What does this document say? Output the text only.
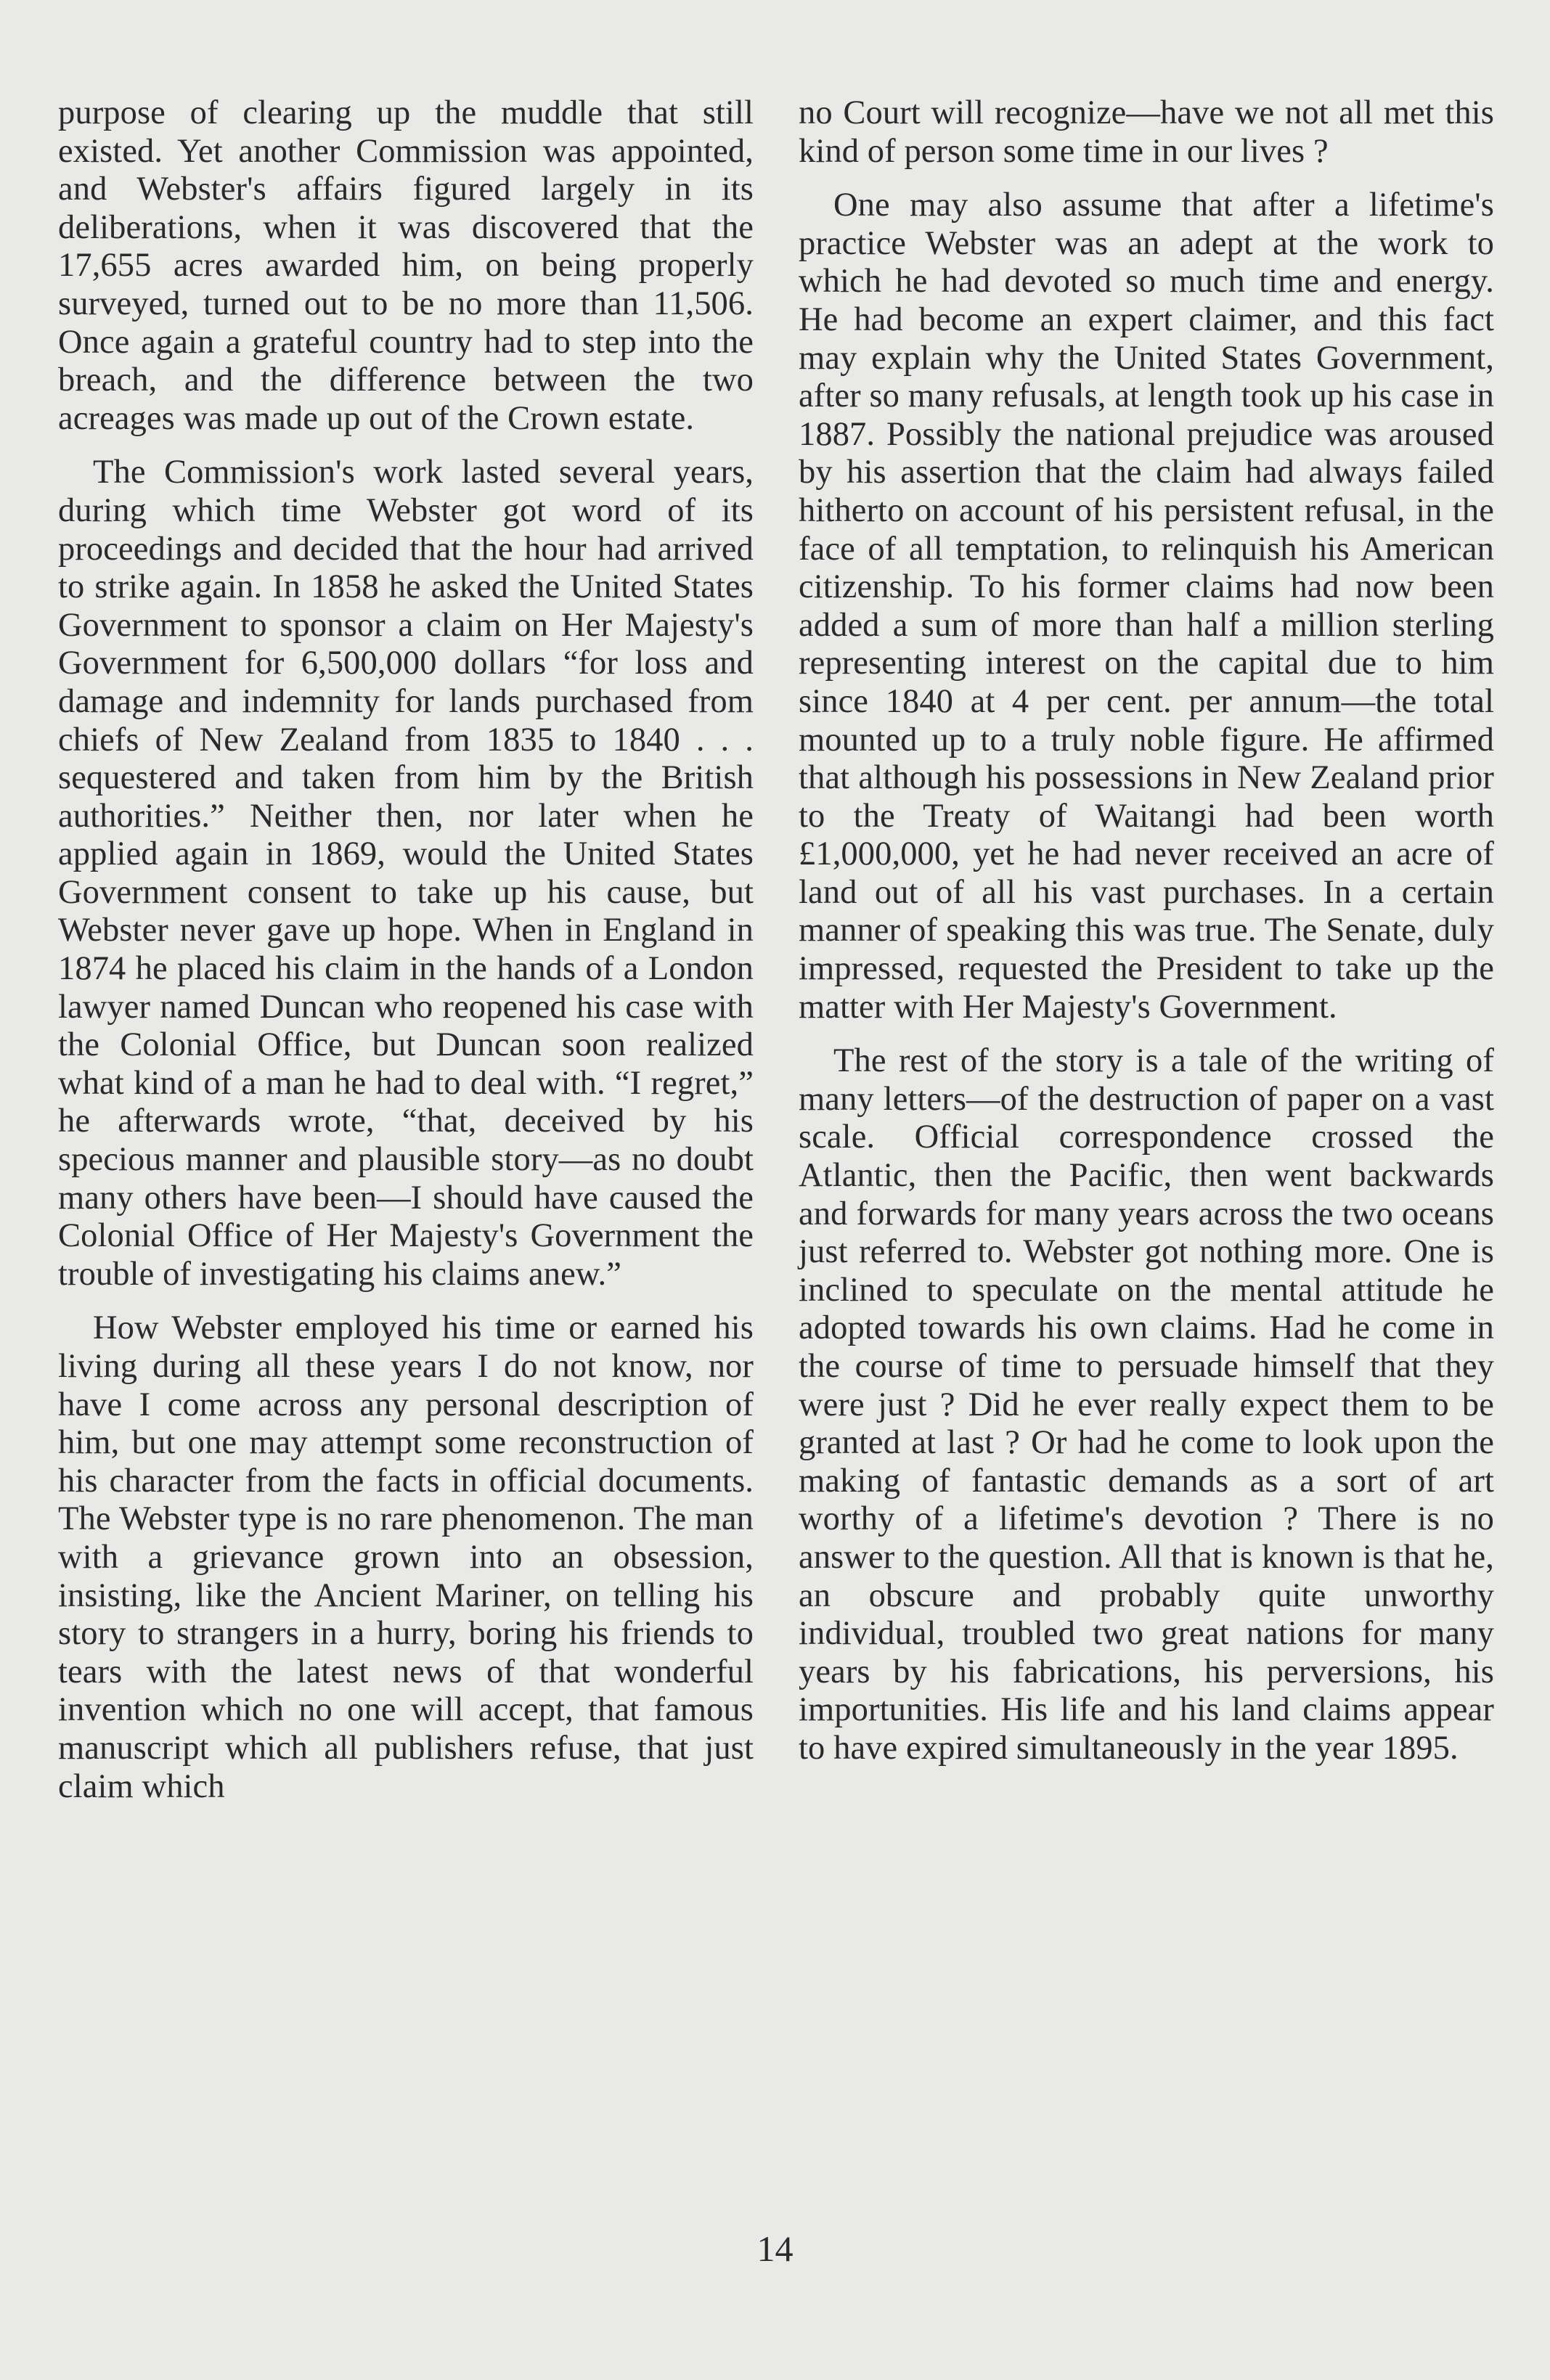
purpose of clearing up the muddle that still existed. Yet another Commission was appointed, and Webster's affairs figured largely in its deliberations, when it was discovered that the 17,655 acres awarded him, on being properly surveyed, turned out to be no more than 11,506. Once again a grateful country had to step into the breach, and the difference between the two acreages was made up out of the Crown estate.

The Commission's work lasted several years, during which time Webster got word of its proceedings and decided that the hour had arrived to strike again. In 1858 he asked the United States Government to sponsor a claim on Her Majesty's Government for 6,500,000 dollars “for loss and damage and indemnity for lands purchased from chiefs of New Zealand from 1835 to 1840 . . . sequestered and taken from him by the British authorities.” Neither then, nor later when he applied again in 1869, would the United States Government consent to take up his cause, but Webster never gave up hope. When in England in 1874 he placed his claim in the hands of a London lawyer named Duncan who reopened his case with the Colonial Office, but Duncan soon realized what kind of a man he had to deal with. “I regret,” he afterwards wrote, “that, deceived by his specious manner and plausible story—as no doubt many others have been—I should have caused the Colonial Office of Her Majesty's Government the trouble of investigating his claims anew.”

How Webster employed his time or earned his living during all these years I do not know, nor have I come across any personal description of him, but one may attempt some reconstruction of his character from the facts in official documents. The Webster type is no rare phenomenon. The man with a grievance grown into an obsession, insisting, like the Ancient Mariner, on telling his story to strangers in a hurry, boring his friends to tears with the latest news of that wonderful invention which no one will accept, that famous manuscript which all publishers refuse, that just claim which

no Court will recognize—have we not all met this kind of person some time in our lives ?

One may also assume that after a lifetime's practice Webster was an adept at the work to which he had devoted so much time and energy. He had become an expert claimer, and this fact may explain why the United States Government, after so many refusals, at length took up his case in 1887. Possibly the national prejudice was aroused by his assertion that the claim had always failed hitherto on account of his persistent refusal, in the face of all temptation, to relinquish his American citizenship. To his former claims had now been added a sum of more than half a million sterling representing interest on the capital due to him since 1840 at 4 per cent. per annum—the total mounted up to a truly noble figure. He affirmed that although his possessions in New Zealand prior to the Treaty of Waitangi had been worth £1,000,000, yet he had never received an acre of land out of all his vast purchases. In a certain manner of speaking this was true. The Senate, duly impressed, requested the President to take up the matter with Her Majesty's Government.

The rest of the story is a tale of the writing of many letters—of the destruction of paper on a vast scale. Official correspondence crossed the Atlantic, then the Pacific, then went backwards and forwards for many years across the two oceans just referred to. Webster got nothing more. One is inclined to speculate on the mental attitude he adopted towards his own claims. Had he come in the course of time to persuade himself that they were just ? Did he ever really expect them to be granted at last ? Or had he come to look upon the making of fantastic demands as a sort of art worthy of a lifetime's devotion ? There is no answer to the question. All that is known is that he, an obscure and probably quite unworthy individual, troubled two great nations for many years by his fabrications, his perversions, his importunities. His life and his land claims appear to have expired simultaneously in the year 1895.

14
